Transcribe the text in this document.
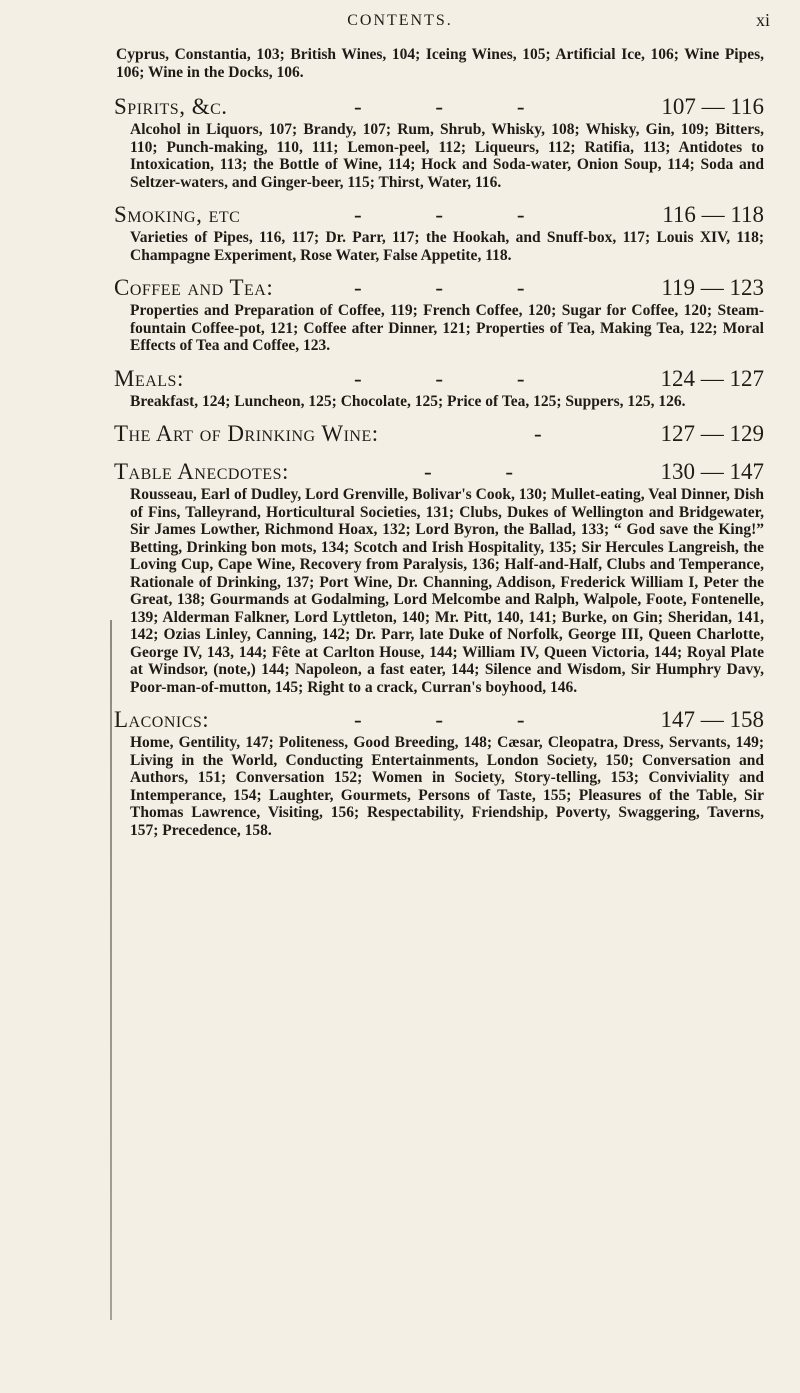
CONTENTS.	xi
Cyprus, Constantia, 103; British Wines, 104; Iceing Wines, 105; Artificial Ice, 106; Wine Pipes, 106; Wine in the Docks, 106.
Spirits, &c.	- - -	107 — 116
Alcohol in Liquors, 107; Brandy, 107; Rum, Shrub, Whisky, 108; Whisky, Gin, 109; Bitters, 110; Punch-making, 110, 111; Lemon-peel, 112; Liqueurs, 112; Ratifia, 113; Antidotes to Intoxication, 113; the Bottle of Wine, 114; Hock and Soda-water, Onion Soup, 114; Soda and Seltzer-waters, and Ginger-beer, 115; Thirst, Water, 116.
Smoking, etc	- - -	116 — 118
Varieties of Pipes, 116, 117; Dr. Parr, 117; the Hookah, and Snuff-box, 117; Louis XIV, 118; Champagne Experiment, Rose Water, False Appetite, 118.
Coffee and Tea:	- - -	119 — 123
Properties and Preparation of Coffee, 119; French Coffee, 120; Sugar for Coffee, 120; Steam-fountain Coffee-pot, 121; Coffee after Dinner, 121; Properties of Tea, Making Tea, 122; Moral Effects of Tea and Coffee, 123.
Meals:	- - -	124 — 127
Breakfast, 124; Luncheon, 125; Chocolate, 125; Price of Tea, 125; Suppers, 125, 126.
The Art of Drinking Wine:	-	127 — 129
Table Anecdotes:	- -	130 — 147
Rousseau, Earl of Dudley, Lord Grenville, Bolivar's Cook, 130; Mullet-eating, Veal Dinner, Dish of Fins, Talleyrand, Horticultural Societies, 131; Clubs, Dukes of Wellington and Bridgewater, Sir James Lowther, Richmond Hoax, 132; Lord Byron, the Ballad, 133; “ God save the King!” Betting, Drinking bon mots, 134; Scotch and Irish Hospitality, 135; Sir Hercules Langreish, the Loving Cup, Cape Wine, Recovery from Paralysis, 136; Half-and-Half, Clubs and Temperance, Rationale of Drinking, 137; Port Wine, Dr. Channing, Addison, Frederick William I, Peter the Great, 138; Gourmands at Godalming, Lord Melcombe and Ralph, Walpole, Foote, Fontenelle, 139; Alderman Falkner, Lord Lyttleton, 140; Mr. Pitt, 140, 141; Burke, on Gin; Sheridan, 141, 142; Ozias Linley, Canning, 142; Dr. Parr, late Duke of Norfolk, George III, Queen Charlotte, George IV, 143, 144; Fête at Carlton House, 144; William IV, Queen Victoria, 144; Royal Plate at Windsor, (note,) 144; Napoleon, a fast eater, 144; Silence and Wisdom, Sir Humphry Davy, Poor-man-of-mutton, 145; Right to a crack, Curran's boyhood, 146.
Laconics:	- - -	147 — 158
Home, Gentility, 147; Politeness, Good Breeding, 148; Cæsar, Cleopatra, Dress, Servants, 149; Living in the World, Conducting Entertainments, London Society, 150; Conversation and Authors, 151; Conversation 152; Women in Society, Story-telling, 153; Conviviality and Intemperance, 154; Laughter, Gourmets, Persons of Taste, 155; Pleasures of the Table, Sir Thomas Lawrence, Visiting, 156; Respectability, Friendship, Poverty, Swaggering, Taverns, 157; Precedence, 158.
